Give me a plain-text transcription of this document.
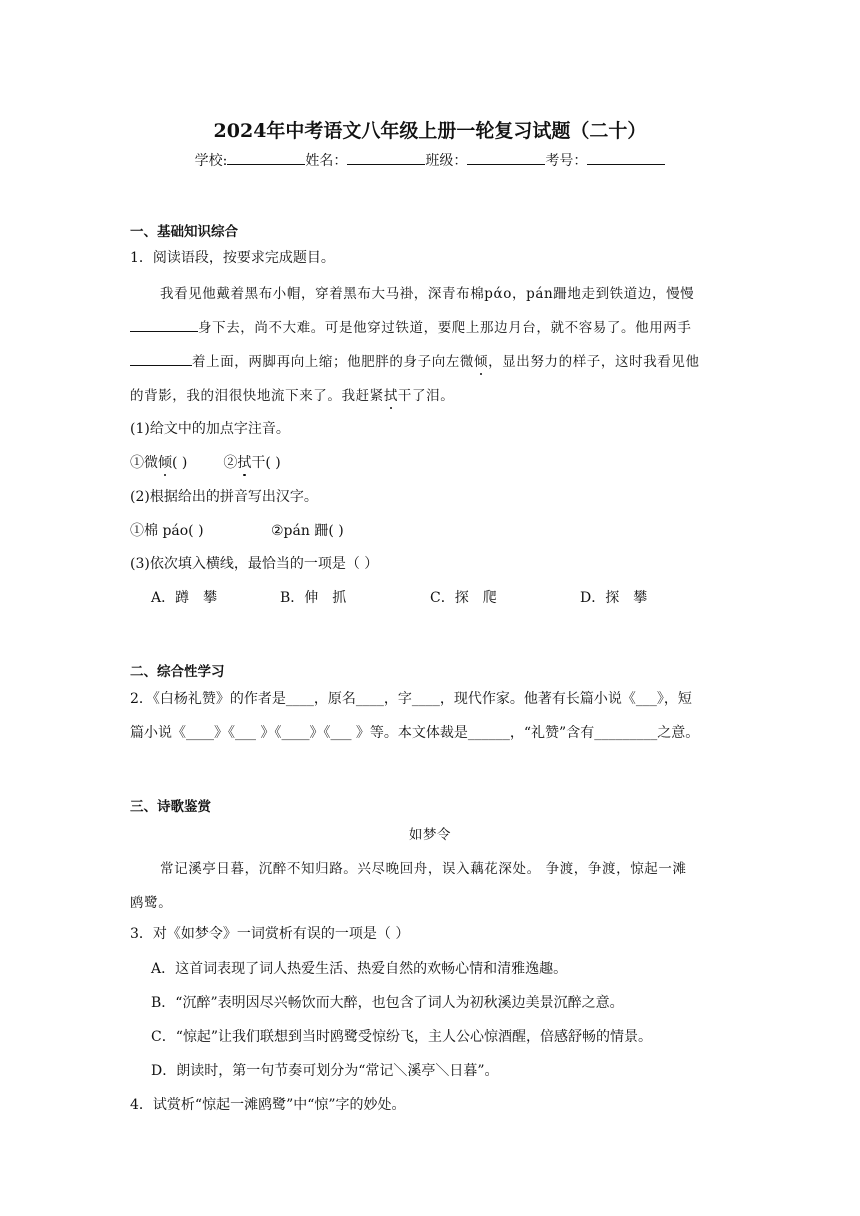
2024年中考语文八年级上册一轮复习试题（二十）
学校:	姓名：	班级：	考号：
一、基础知识综合
1．阅读语段，按要求完成题目。
我看见他戴着黑布小帽，穿着黑布大马褂，深青布棉pάo，pán跚地走到铁道边，慢慢
身下去，尚不大难。可是他穿过铁道，要爬上那边月台，就不容易了。他用两手
着上面，两脚再向上缩；他肥胖的身子向左微倾，显出努力的样子，这时我看见他
的背影，我的泪很快地流下来了。我赶紧拭干了泪。
(1)给文中的加点字注音。
①微倾( )	②拭干( )
(2)根据给出的拼音写出汉字。
①棉 páo( )	②pán 跚( )
(3)依次填入横线，最恰当的一项是（ ）
A．蹲　攀	B．伸　抓	C．探　爬	D．探　攀
二、综合性学习
2．《白杨礼赞》的作者是____，原名____，字____，现代作家。他著有长篇小说《___》，短
篇小说《____》《___ 》《____》《___ 》等。本文体裁是______，“礼赞”含有_________之意。
三、诗歌鉴赏
如梦令
常记溪亭日暮，沉醉不知归路。兴尽晚回舟，误入藕花深处。 争渡，争渡，惊起一滩
鸥鹭。
3．对《如梦令》一词赏析有误的一项是（ ）
A．这首词表现了词人热爱生活、热爱自然的欢畅心情和清雅逸趣。
B．“沉醉”表明因尽兴畅饮而大醉，也包含了词人为初秋溪边美景沉醉之意。
C．“惊起”让我们联想到当时鸥鹭受惊纷飞，主人公心惊酒醒，倍感舒畅的情景。
D．朗读时，第一句节奏可划分为“常记＼溪亭＼日暮”。
4．试赏析“惊起一滩鸥鹭”中“惊”字的妙处。
